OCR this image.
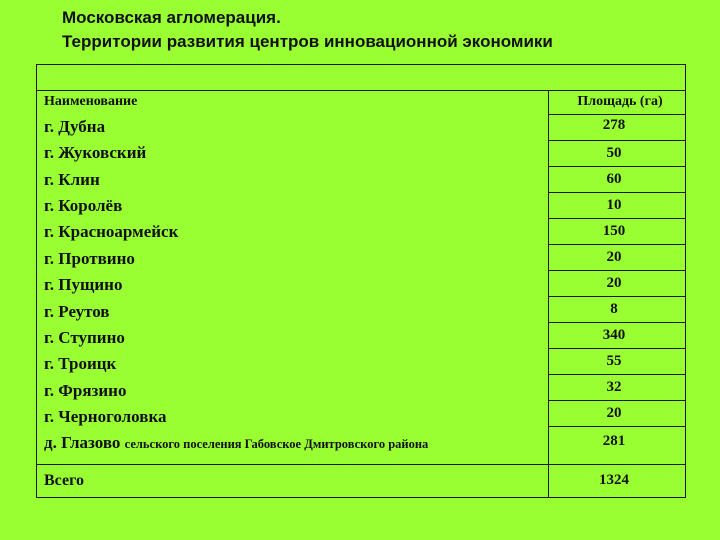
Московская агломерация.
Территории развития центров инновационной экономики
Наименование	Площадь (га)
г. Дубна	278
г. Жуковский	50
г. Клин	60
г. Королёв	10
г. Красноармейск	150
г. Протвино	20
г. Пущино	20
г. Реутов	8
г. Ступино	340
г. Троицк	55
г. Фрязино	32
г. Черноголовка	20
д. Глазово сельского поселения Габовское Дмитровского района	281
Всего	1324
